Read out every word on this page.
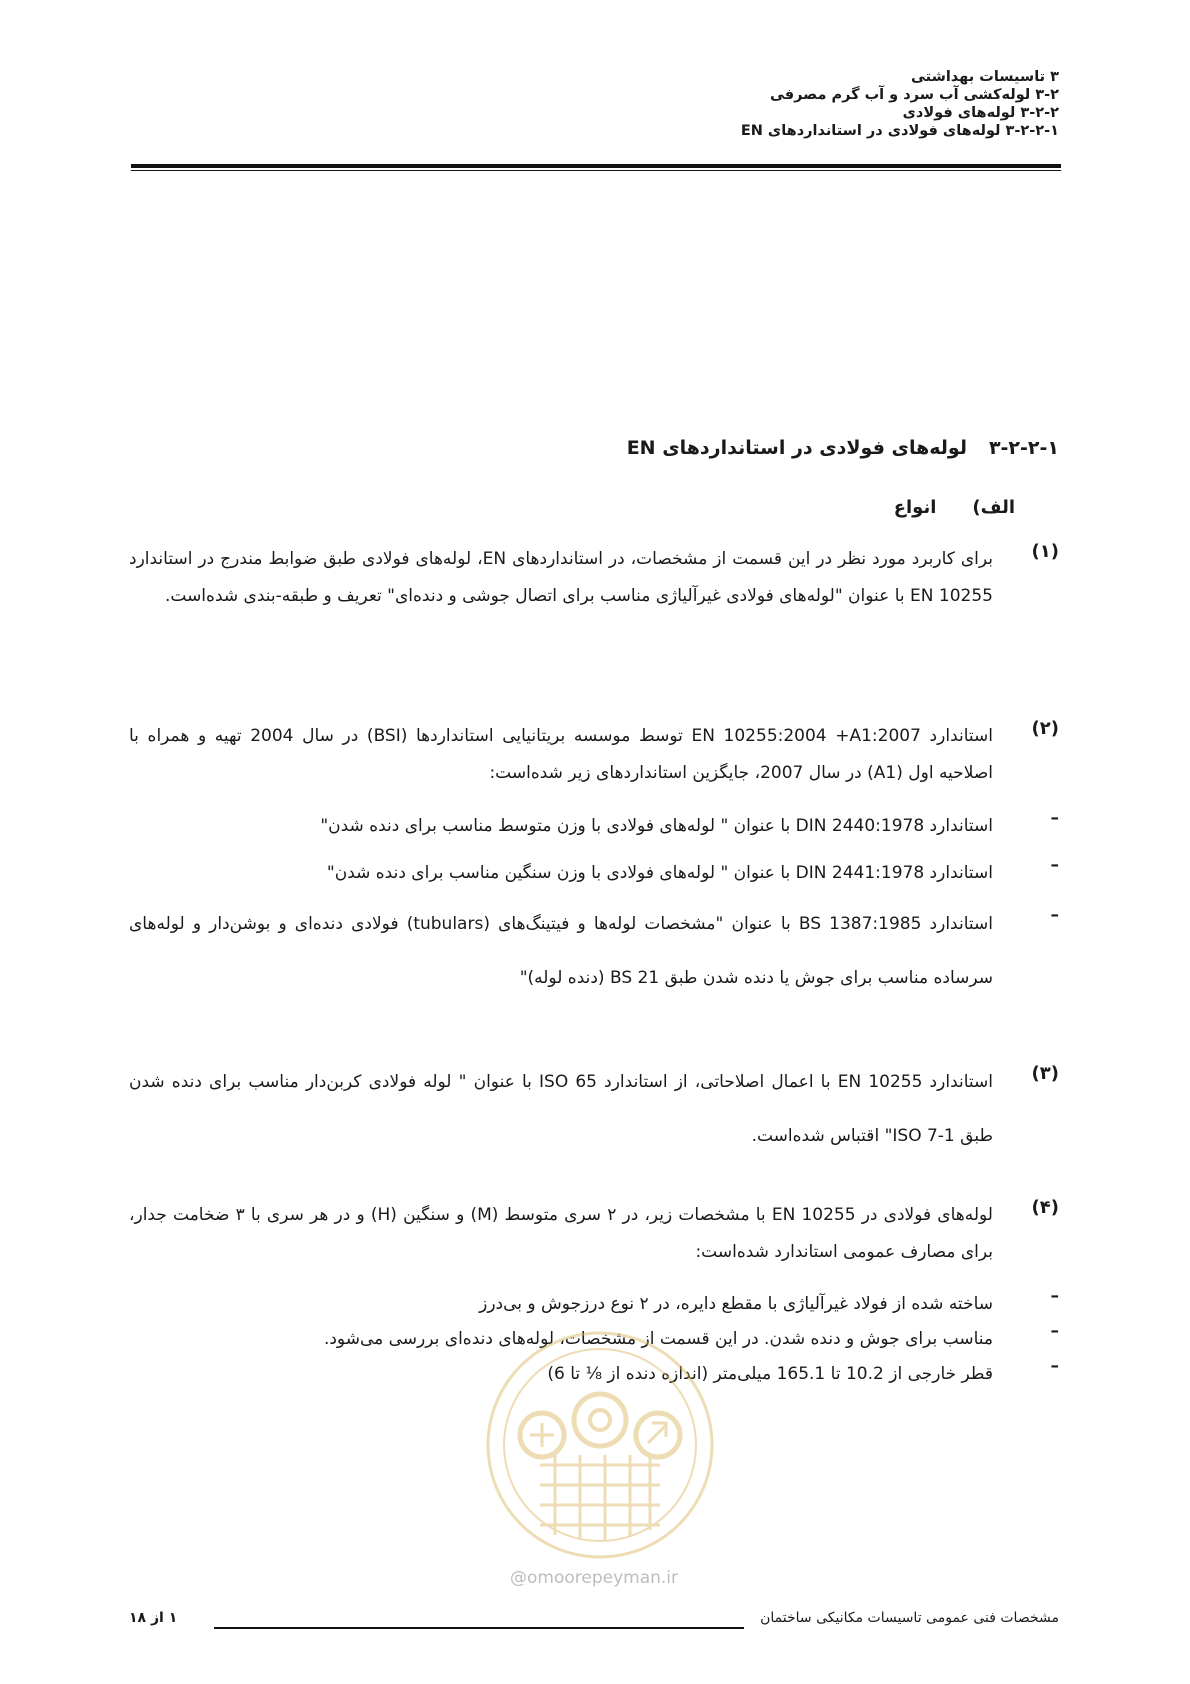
۳ تاسیسات بهداشتی
۳-۲ لوله‌کشی آب سرد و آب گرم مصرفی
۳-۲-۲ لوله‌های فولادی
۳-۲-۲-۱ لوله‌های فولادی در استانداردهای EN
۳-۲-۲-۱لوله‌های فولادی در استانداردهای EN
الف)انواع
(۱)
برای کاربرد مورد نظر در این قسمت از مشخصات، در استانداردهای EN، لوله‌های فولادی طبق ضوابط مندرج در استاندارد EN 10255 با عنوان "لوله‌های فولادی غیرآلیاژی مناسب برای اتصال جوشی و دنده‌ای" تعریف و طبقه-بندی شده‌است.
(۲)
استاندارد EN 10255:2004 +A1:2007 توسط موسسه بریتانیایی استانداردها (BSI) در سال 2004 تهیه و همراه با اصلاحیه اول (A1) در سال 2007، جایگزین استانداردهای زیر شده‌است:
–
استاندارد DIN 2440:1978 با عنوان " لوله‌های فولادی با وزن متوسط مناسب برای دنده شدن"
–
استاندارد DIN 2441:1978 با عنوان " لوله‌های فولادی با وزن سنگین مناسب برای دنده شدن"
–
استاندارد BS 1387:1985 با عنوان "مشخصات لوله‌ها و فیتینگ‌های (tubulars) فولادی دنده‌ای و بوشن‌دار و لوله‌های سرساده مناسب برای جوش یا دنده شدن طبق BS 21 (دنده لوله)"
(۳)
استاندارد EN 10255 با اعمال اصلاحاتی، از استاندارد ISO 65 با عنوان " لوله فولادی کربن‌دار مناسب برای دنده شدن طبق ISO 7-1" اقتباس شده‌است.
(۴)
لوله‌های فولادی در EN 10255 با مشخصات زیر، در ۲ سری متوسط (M) و سنگین (H) و در هر سری با ۳ ضخامت جدار، برای مصارف عمومی استاندارد شده‌است:
–
ساخته شده از فولاد غیرآلیاژی با مقطع دایره، در ۲ نوع درزجوش و بی‌درز
–
مناسب برای جوش و دنده شدن. در این قسمت از مشخصات، لوله‌های دنده‌ای بررسی می‌شود.
–
قطر خارجی از 10.2 تا 165.1 میلی‌متر (اندازه دنده از ⅛ تا 6)
@omoorepeyman.ir
مشخصات فنی عمومی تاسیسات مکانیکی ساختمان
۱ از ۱۸
